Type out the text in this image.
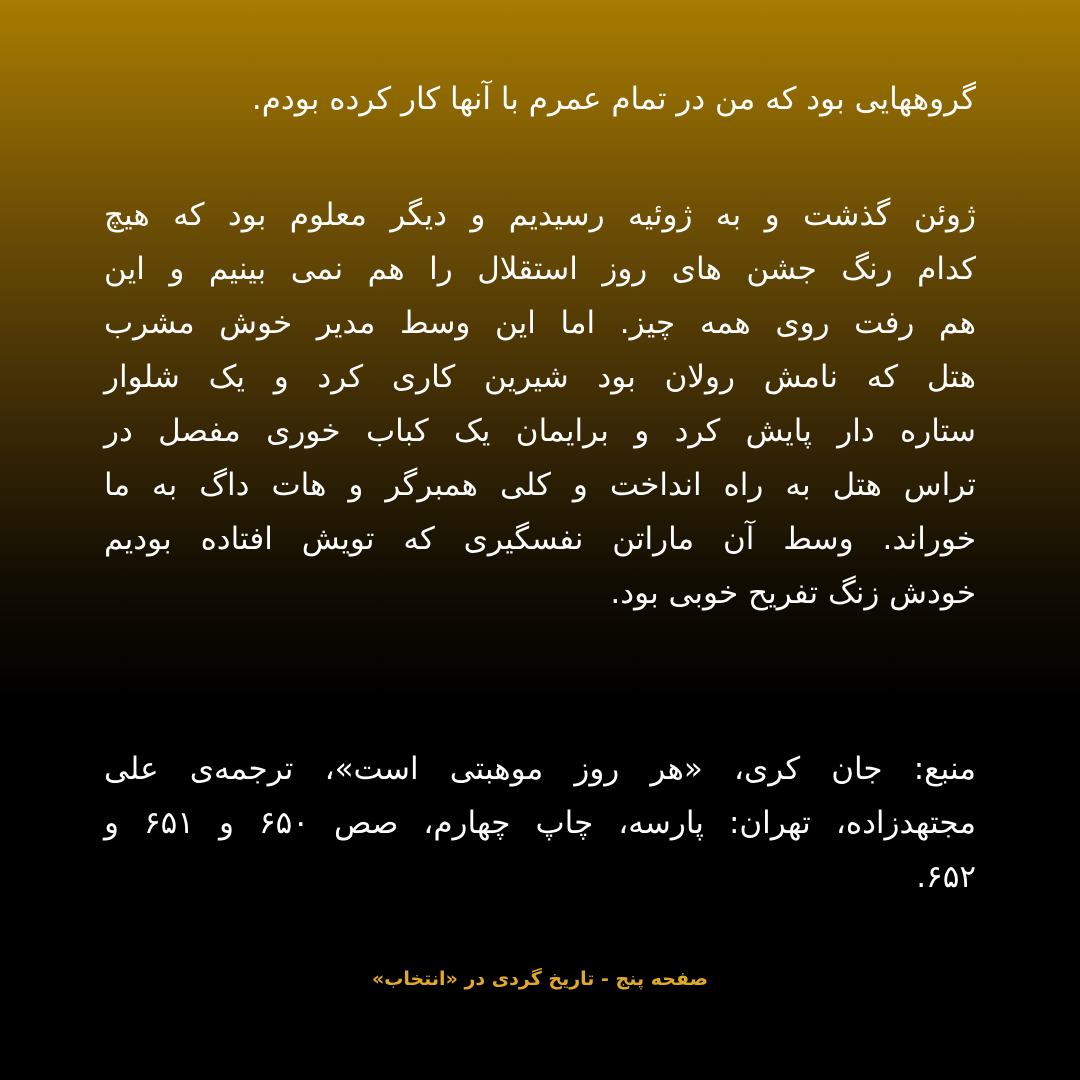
گروههایی بود که من در تمام عمرم با آنها کار کرده بودم.
ژوئن گذشت و به ژوئیه رسیدیم و دیگر معلوم بود که هیچ
کدام رنگ جشن های روز استقلال را هم نمی بینیم و این
هم رفت روی همه چیز. اما این وسط مدیر خوش مشرب
هتل که نامش رولان بود شیرین کاری کرد و یک شلوار
ستاره دار پایش کرد و برایمان یک کباب خوری مفصل در
تراس هتل به راه انداخت و کلی همبرگر و هات داگ به ما
خوراند. وسط آن ماراتن نفسگیری که تویش افتاده بودیم
خودش زنگ تفریح خوبی بود.
منبع: جان کری، «هر روز موهبتی است»، ترجمه‌ی علی
مجتهدزاده، تهران: پارسه، چاپ چهارم، صص ۶۵۰ و ۶۵۱ و
۶۵۲.
صفحه پنج - تاریخ گردی در «انتخاب»
